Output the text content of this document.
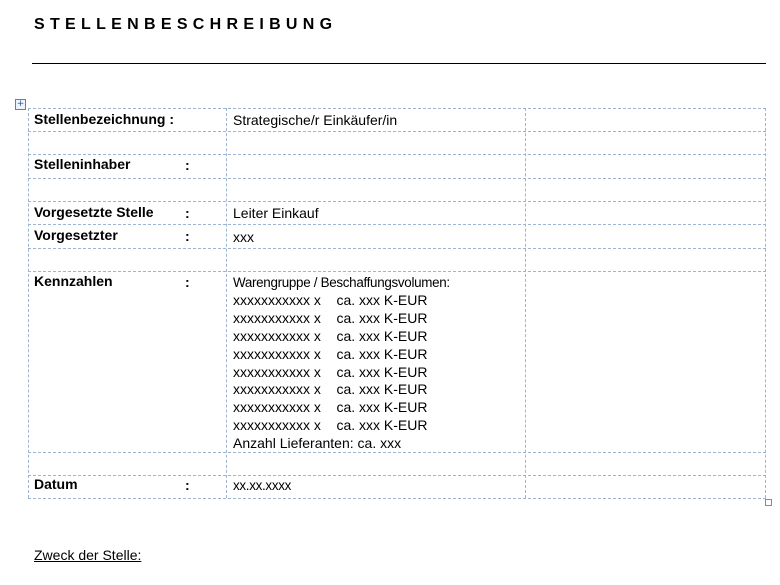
STELLENBESCHREIBUNG
+
Stellenbezeichnung :	Strategische/r Einkäufer/in
Stelleninhaber	:
Vorgesetzte Stelle :	Leiter Einkauf
Vorgesetzter	:	xxx
Kennzahlen	:	Warengruppe / Beschaffungsvolumen:
xxxxxxxxxxx x    ca. xxx K-EUR
xxxxxxxxxxx x    ca. xxx K-EUR
xxxxxxxxxxx x    ca. xxx K-EUR
xxxxxxxxxxx x    ca. xxx K-EUR
xxxxxxxxxxx x    ca. xxx K-EUR
xxxxxxxxxxx x    ca. xxx K-EUR
xxxxxxxxxxx x    ca. xxx K-EUR
xxxxxxxxxxx x    ca. xxx K-EUR
Anzahl Lieferanten: ca. xxx
Datum	:	xx.xx.xxxx
Zweck der Stelle:
